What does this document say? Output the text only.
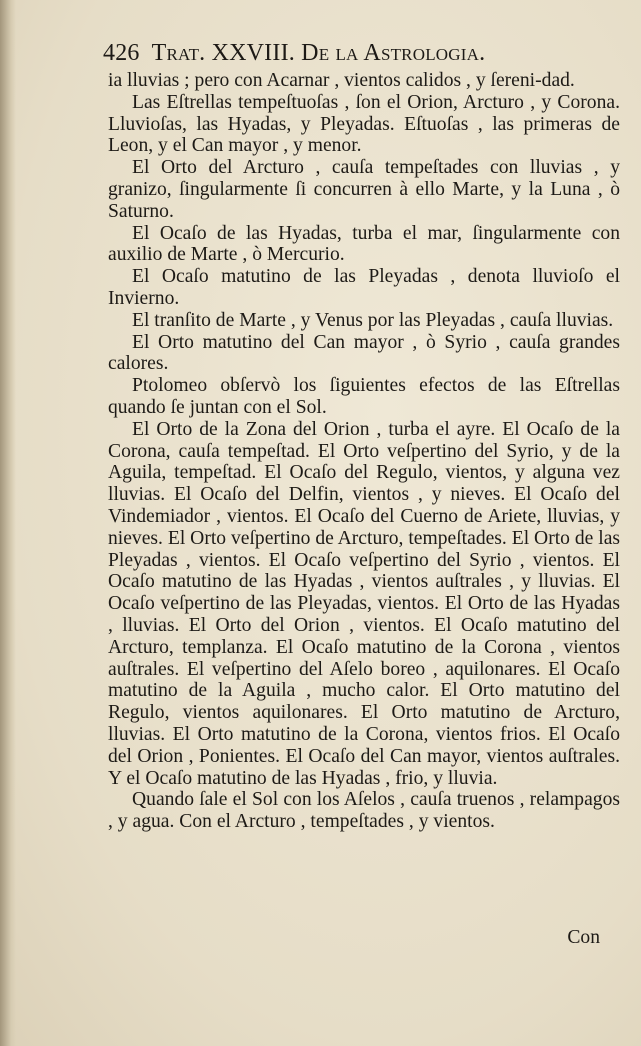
426 Trat. XXVIII. De la Astrologia.

ia lluvias ; pero con Acarnar , vientos calidos , y ſereni-dad.

Las Eſtrellas tempeſtuoſas , ſon el Orion, Arcturo , y Corona. Lluvioſas, las Hyadas, y Pleyadas. Eſtuoſas , las primeras de Leon, y el Can mayor , y menor.

El Orto del Arcturo , cauſa tempeſtades con lluvias , y granizo, ſingularmente ſi concurren à ello Marte, y la Luna , ò Saturno.

El Ocaſo de las Hyadas, turba el mar, ſingularmente con auxilio de Marte , ò Mercurio.

El Ocaſo matutino de las Pleyadas , denota lluvioſo el Invierno.

El tranſito de Marte , y Venus por las Pleyadas , cauſa lluvias.

El Orto matutino del Can mayor , ò Syrio , cauſa grandes calores.

Ptolomeo obſervò los ſiguientes efectos de las Eſtrellas quando ſe juntan con el Sol.

El Orto de la Zona del Orion , turba el ayre. El Ocaſo de la Corona, cauſa tempeſtad. El Orto veſpertino del Syrio, y de la Aguila, tempeſtad. El Ocaſo del Regulo, vientos, y alguna vez lluvias. El Ocaſo del Delfin, vientos , y nieves. El Ocaſo del Vindemiador , vientos. El Ocaſo del Cuerno de Ariete, lluvias, y nieves. El Orto veſpertino de Arcturo, tempeſtades. El Orto de las Pleyadas , vientos. El Ocaſo veſpertino del Syrio , vientos. El Ocaſo matutino de las Hyadas , vientos auſtrales , y lluvias. El Ocaſo veſpertino de las Pleyadas, vientos. El Orto de las Hyadas , lluvias. El Orto del Orion , vientos. El Ocaſo matutino del Arcturo, templanza. El Ocaſo matutino de la Corona , vientos auſtrales. El veſpertino del Aſelo boreo , aquilonares. El Ocaſo matutino de la Aguila , mucho calor. El Orto matutino del Regulo, vientos aquilonares. El Orto matutino de Arcturo, lluvias. El Orto matutino de la Corona, vientos frios. El Ocaſo del Orion , Ponientes. El Ocaſo del Can mayor, vientos auſtrales. Y el Ocaſo matutino de las Hyadas , frio, y lluvia.

Quando ſale el Sol con los Aſelos , cauſa truenos , relampagos , y agua. Con el Arcturo , tempeſtades , y vientos.

Con
